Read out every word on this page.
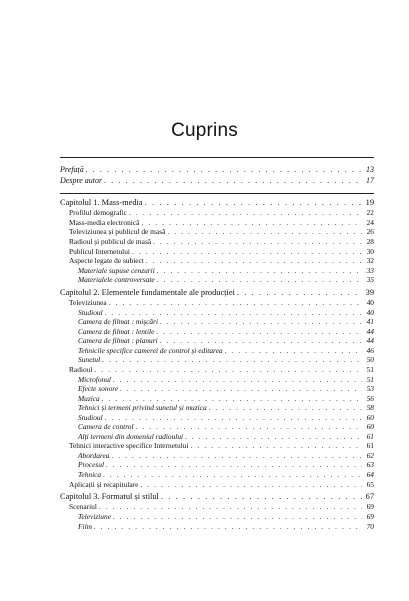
Cuprins
Prefață . . .	13
Despre autor . . .	17
Capitolul 1. Mass-media . . .	19
Profilul demografic . . .	22
Mass-media electronică . . .	24
Televiziunea și publicul de masă . . .	26
Radioul și publicul de masă . . .	28
Publicul Internetului . . .	30
Aspecte legate de subiect . . .	32
Materiale supuse cenzurii . . .	33
Materialele controversate . . .	35
Capitolul 2. Elementele fundamentale ale producției . . .	39
Televiziunea . . .	40
Studioul . . .	40
Camera de filmat : mișcări . . .	41
Camera de filmat : lentile . . .	44
Camera de filmat : planuri . . .	44
Tehnicile specifice camerei de control și editarea . . .	46
Sunetul . . .	50
Radioul . . .	51
Microfonul . . .	51
Efecte sonore . . .	53
Muzica . . .	56
Tehnici și termeni privind sunetul și muzica . . .	58
Studioul . . .	60
Camera de control . . .	60
Alți termeni din domeniul radioului . . .	61
Tehnici interactive specifice Internetului . . .	61
Abordarea . . .	62
Procesul . . .	63
Tehnica . . .	64
Aplicații și recapitulare . . .	65
Capitolul 3. Formatul și stilul . . .	67
Scenariul . . .	69
Televiziune . . .	69
Film . . .	70
